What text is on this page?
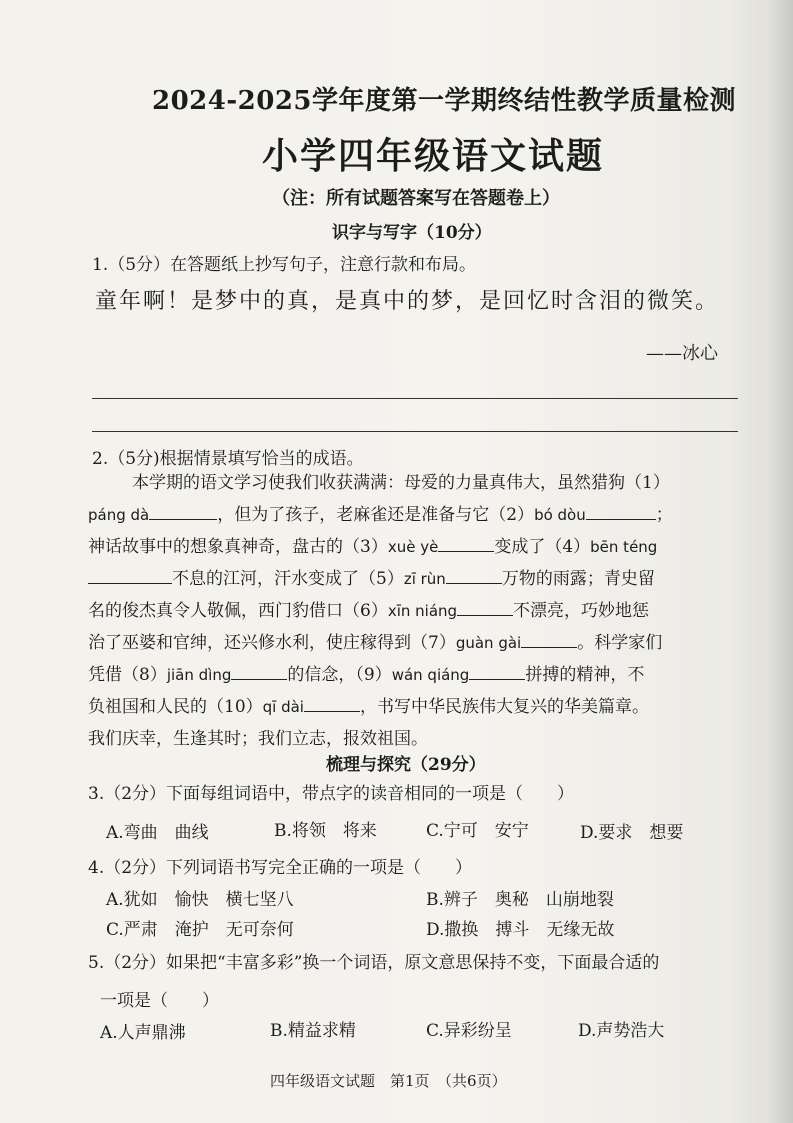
2024-2025学年度第一学期终结性教学质量检测
小学四年级语文试题
（注：所有试题答案写在答题卷上）
识字与写字（10分）
1.（5分）在答题纸上抄写句子，注意行款和布局。
童年啊！是梦中的真，是真中的梦，是回忆时含泪的微笑。
——冰心
2.（5分)根据情景填写恰当的成语。
本学期的语文学习使我们收获满满：母爱的力量真伟大，虽然猎狗（1）
páng dà	，但为了孩子，老麻雀还是准备与它（2）bó dòu	；
神话故事中的想象真神奇，盘古的（3）xuè yè	变成了（4）bēn téng
不息的江河，汗水变成了（5）zī rùn	万物的雨露；青史留
名的俊杰真令人敬佩，西门豹借口（6）xīn niáng	不漂亮，巧妙地惩
治了巫婆和官绅，还兴修水利，使庄稼得到（7）guàn gài	。科学家们
凭借（8）jiān dìng	的信念，（9）wán qiáng	拼搏的精神，不
负祖国和人民的（10）qī dài	，书写中华民族伟大复兴的华美篇章。
我们庆幸，生逢其时；我们立志，报效祖国。
梳理与探究（29分）
3.（2分）下面每组词语中，带点字的读音相同的一项是（　　）
A.弯曲　曲线	B.将领　将来	C.宁可　安宁	D.要求　想要
4.（2分）下列词语书写完全正确的一项是（　　）
A.犹如　愉快　横七坚八	B.辨子　奥秘　山崩地裂
C.严肃　淹护　无可奈何	D.撒换　搏斗　无缘无故
5.（2分）如果把“丰富多彩”换一个词语，原文意思保持不变，下面最合适的
一项是（　　）
A.人声鼎沸	B.精益求精	C.异彩纷呈	D.声势浩大
四年级语文试题　第1页　（共6页）
